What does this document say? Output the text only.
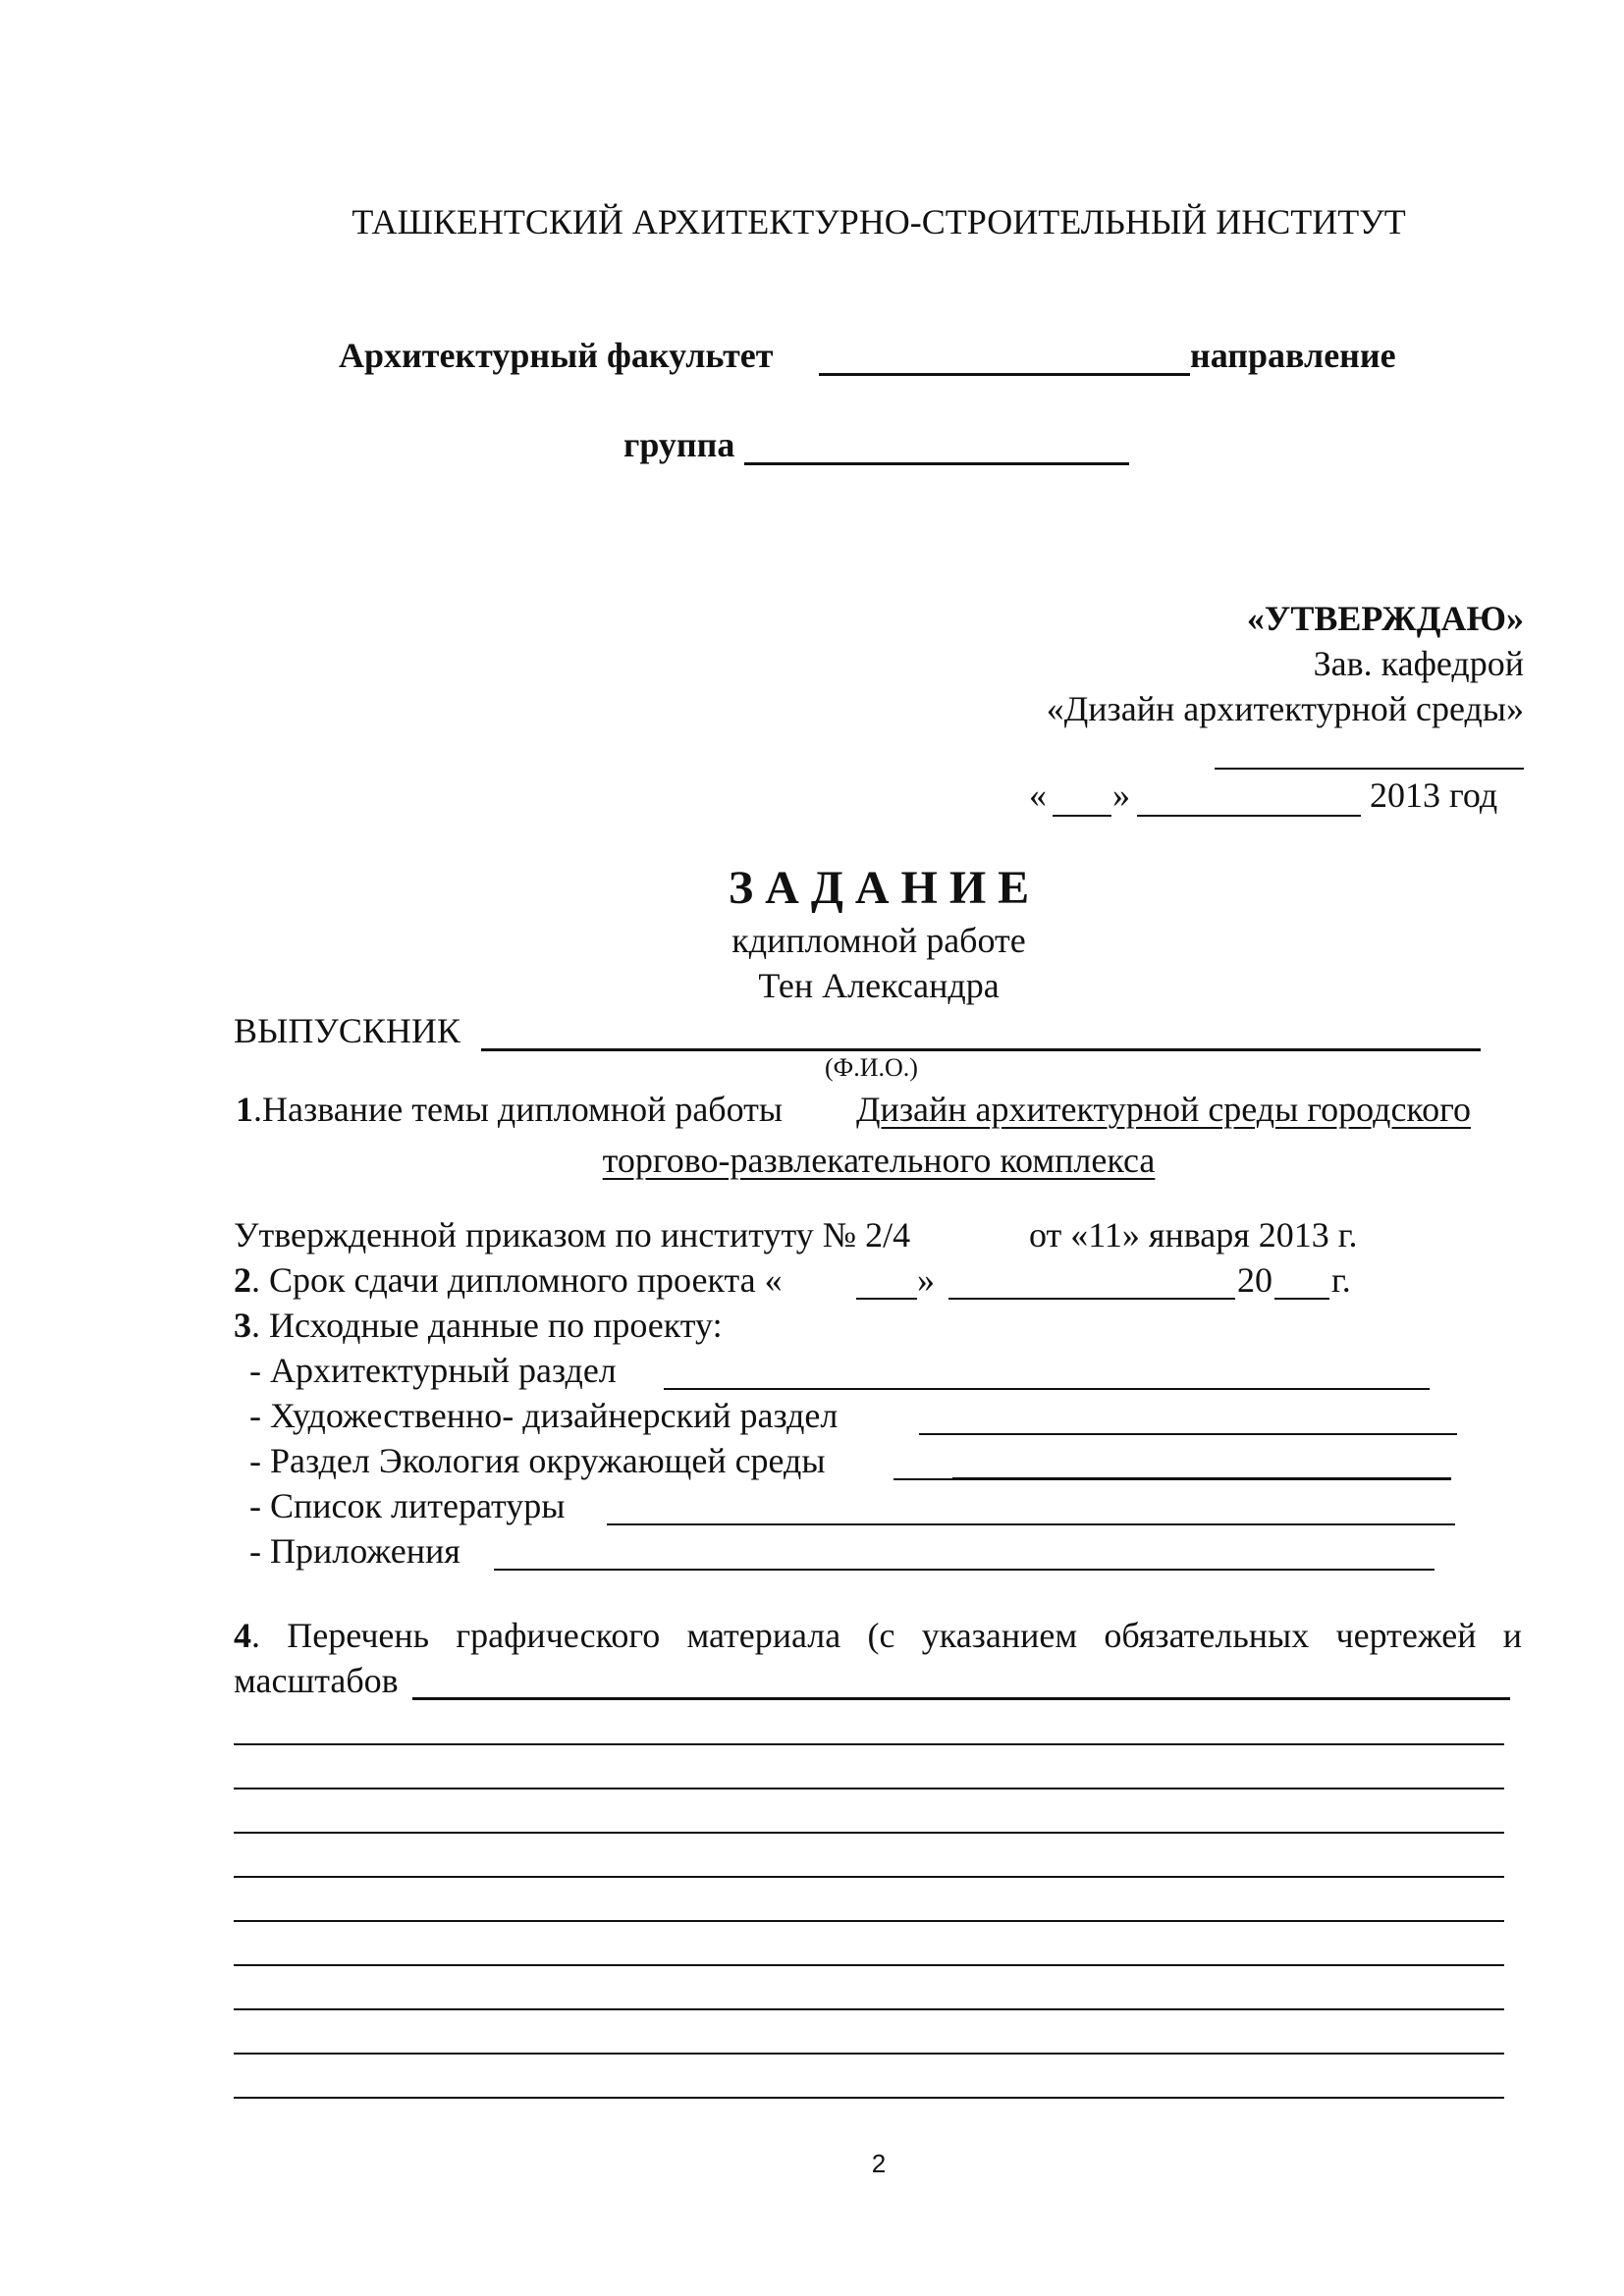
ТАШКЕНТСКИЙ АРХИТЕКТУРНО-СТРОИТЕЛЬНЫЙ ИНСТИТУТ
Архитектурный факультет	направление
группа
«УТВЕРЖДАЮ»
Зав. кафедрой
«Дизайн архитектурной среды»
« »	2013 год
З А Д А Н И Е
кдипломной работе
Тен Александра
ВЫПУСКНИК
(Ф.И.О.)
1.Название темы дипломной работы Дизайн архитектурной среды городского
торгово-развлекательного комплекса
Утвержденной приказом по институту № 2/4	от «11» января 2013 г.
2. Срок сдачи дипломного проекта «	»	20 г.
3. Исходные данные по проекту:
- Архитектурный раздел
- Художественно- дизайнерский раздел
- Раздел Экология окружающей среды
- Список литературы
- Приложения
4. Перечень графического материала (с указанием обязательных чертежей и
масштабов
2
